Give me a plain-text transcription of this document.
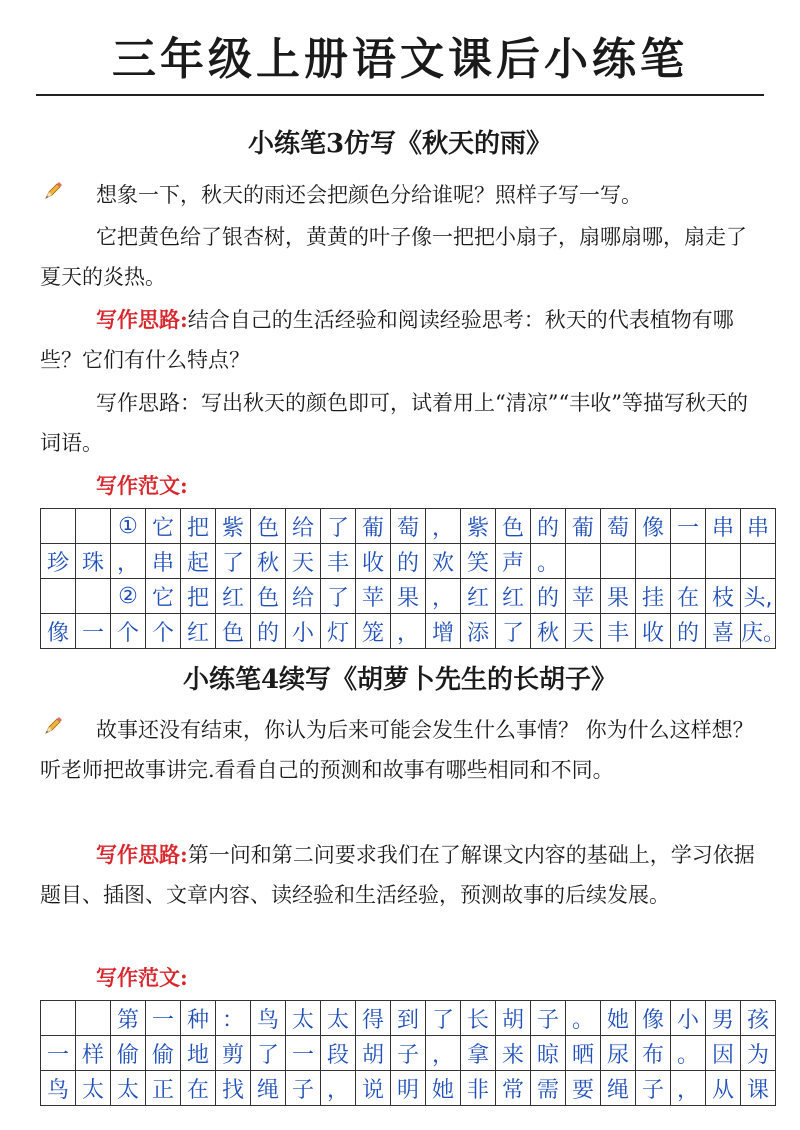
三年级上册语文课后小练笔
小练笔3仿写《秋天的雨》

想象一下，秋天的雨还会把颜色分给谁呢？照样子写一写。

它把黄色给了银杏树，黄黄的叶子像一把把小扇子，扇哪扇哪，扇走了夏天的炎热。

写作思路:结合自己的生活经验和阅读经验思考：秋天的代表植物有哪些？它们有什么特点？

写作思路：写出秋天的颜色即可，试着用上“清凉”“丰收”等描写秋天的词语。

写作范文:

		①	它	把	紫	色	给	了	葡	萄	，	紫	色	的	葡	萄	像	一	串	串
珍	珠	，	串	起	了	秋	天	丰	收	的	欢	笑	声	。						
		②	它	把	红	色	给	了	苹	果	，	红	红	的	苹	果	挂	在	枝	头,
像	一	个	个	红	色	的	小	灯	笼	，	增	添	了	秋	天	丰	收	的	喜	庆。
小练笔4续写《胡萝卜先生的长胡子》

故事还没有结束，你认为后来可能会发生什么事情？ 你为什么这样想？听老师把故事讲完.看看自己的预测和故事有哪些相同和不同。

写作思路:第一问和第二问要求我们在了解课文内容的基础上，学习依据题目、插图、文章内容、读经验和生活经验，预测故事的后续发展。

写作范文:

		第	一	种	：	鸟	太	太	得	到	了	长	胡	子	。	她	像	小	男	孩
一	样	偷	偷	地	剪	了	一	段	胡	子	，	拿	来	晾	晒	尿	布	。	因	为
鸟	太	太	正	在	找	绳	子	，	说	明	她	非	常	需	要	绳	子	，	从	课
